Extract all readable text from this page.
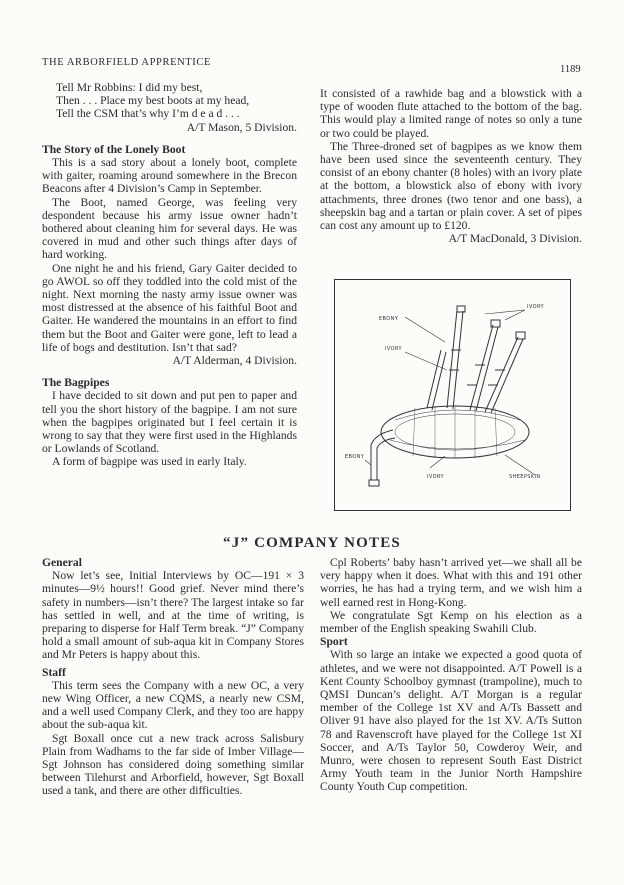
THE ARBORFIELD APPRENTICE
1189
Tell Mr Robbins: I did my best,
Then . . . Place my best boots at my head,
Tell the CSM that’s why I’m d e a d . . .

A/T Mason, 5 Division.

The Story of the Lonely Boot

This is a sad story about a lonely boot, complete with gaiter, roaming around somewhere in the Brecon Beacons after 4 Division’s Camp in September.

The Boot, named George, was feeling very despondent because his army issue owner hadn’t bothered about cleaning him for several days. He was covered in mud and other such things after days of hard working.

One night he and his friend, Gary Gaiter decided to go AWOL so off they toddled into the cold mist of the night. Next morning the nasty army issue owner was most distressed at the absence of his faithful Boot and Gaiter. He wandered the mountains in an effort to find them but the Boot and Gaiter were gone, left to lead a life of bogs and destitution. Isn’t that sad?

A/T Alderman, 4 Division.

The Bagpipes

I have decided to sit down and put pen to paper and tell you the short history of the bagpipe. I am not sure when the bagpipes originated but I feel certain it is wrong to say that they were first used in the Highlands or Lowlands of Scotland.

A form of bagpipe was used in early Italy.

It consisted of a rawhide bag and a blowstick with a type of wooden flute attached to the bottom of the bag. This would play a limited range of notes so only a tune or two could be played.

The Three-droned set of bagpipes as we know them have been used since the seventeenth century. They consist of an ebony chanter (8 holes) with an ivory plate at the bottom, a blowstick also of ebony with ivory attachments, three drones (two tenor and one bass), a sheepskin bag and a tartan or plain cover. A set of pipes can cost any amount up to £120.

A/T MacDonald, 3 Division.

IVORY
EBONY
IVORY
EBONY
IVORY	SHEEPSKIN
“J” COMPANY NOTES
General

Now let’s see, Initial Interviews by OC—191 × 3 minutes—9½ hours!! Good grief. Never mind there’s safety in numbers—isn’t there? The largest intake so far has settled in well, and at the time of writing, is preparing to disperse for Half Term break. “J” Company hold a small amount of sub-aqua kit in Company Stores and Mr Peters is happy about this.

Staff

This term sees the Company with a new OC, a very new Wing Officer, a new CQMS, a nearly new CSM, and a well used Company Clerk, and they too are happy about the sub-aqua kit.

Sgt Boxall once cut a new track across Salisbury Plain from Wadhams to the far side of Imber Village—Sgt Johnson has considered doing something similar between Tilehurst and Arborfield, however, Sgt Boxall used a tank, and there are other difficulties.

Cpl Roberts’ baby hasn’t arrived yet—we shall all be very happy when it does. What with this and 191 other worries, he has had a trying term, and we wish him a well earned rest in Hong-Kong.

We congratulate Sgt Kemp on his election as a member of the English speaking Swahili Club.

Sport

With so large an intake we expected a good quota of athletes, and we were not disappointed. A/T Powell is a Kent County Schoolboy gymnast (trampoline), much to QMSI Duncan’s delight. A/T Morgan is a regular member of the College 1st XV and A/Ts Bassett and Oliver 91 have also played for the 1st XV. A/Ts Sutton 78 and Ravenscroft have played for the College 1st XI Soccer, and A/Ts Taylor 50, Cowderoy Weir, and Munro, were chosen to represent South East District Army Youth team in the Junior North Hampshire County Youth Cup competition.
